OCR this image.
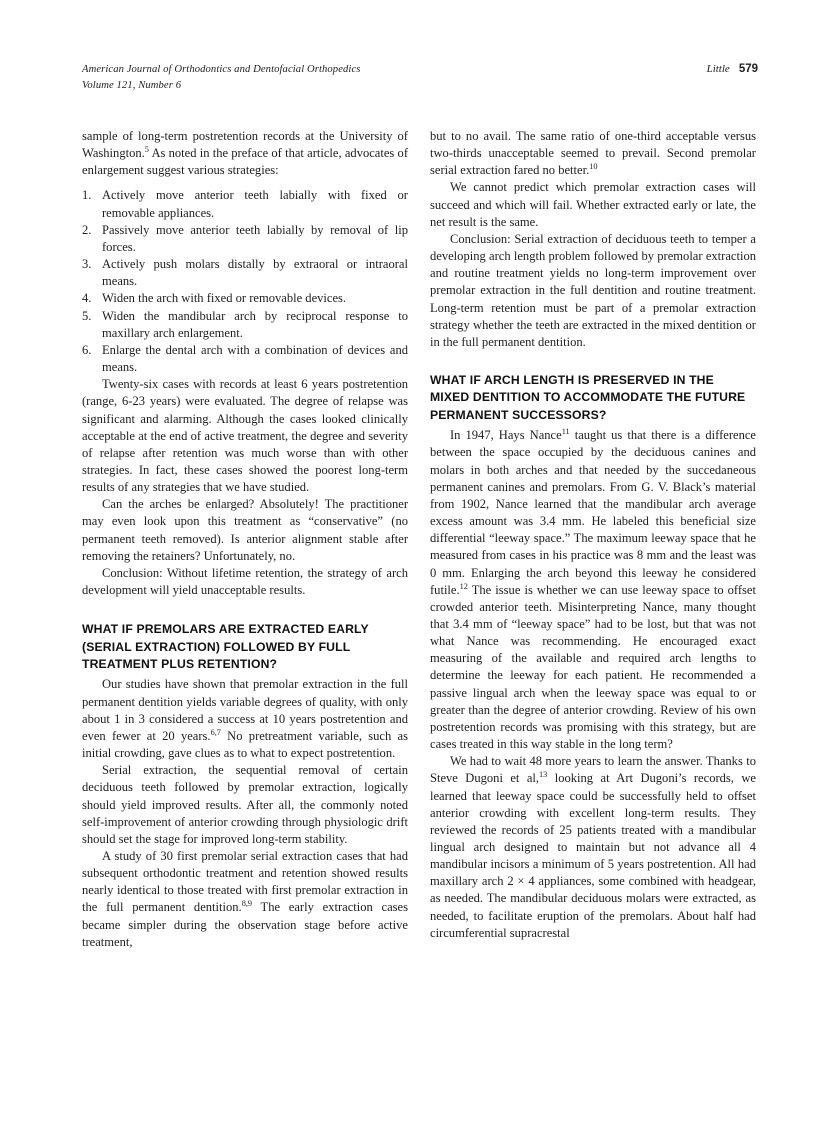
American Journal of Orthodontics and Dentofacial Orthopedics
Volume 121, Number 6
Little 579

sample of long-term postretention records at the University of Washington.$^5$ As noted in the preface of that article, advocates of enlargement suggest various strategies:

Actively move anterior teeth labially with fixed or removable appliances.
Passively move anterior teeth labially by removal of lip forces.
Actively push molars distally by extraoral or intraoral means.
Widen the arch with fixed or removable devices.
Widen the mandibular arch by reciprocal response to maxillary arch enlargement.
Enlarge the dental arch with a combination of devices and means.

Twenty-six cases with records at least 6 years postretention (range, 6-23 years) were evaluated. The degree of relapse was significant and alarming. Although the cases looked clinically acceptable at the end of active treatment, the degree and severity of relapse after retention was much worse than with other strategies. In fact, these cases showed the poorest long-term results of any strategies that we have studied.

Can the arches be enlarged? Absolutely! The practitioner may even look upon this treatment as “conservative” (no permanent teeth removed). Is anterior alignment stable after removing the retainers? Unfortunately, no.

Conclusion: Without lifetime retention, the strategy of arch development will yield unacceptable results.

WHAT IF PREMOLARS ARE EXTRACTED EARLY (SERIAL EXTRACTION) FOLLOWED BY FULL TREATMENT PLUS RETENTION?

Our studies have shown that premolar extraction in the full permanent dentition yields variable degrees of quality, with only about 1 in 3 considered a success at 10 years postretention and even fewer at 20 years.$^{6,7}$ No pretreatment variable, such as initial crowding, gave clues as to what to expect postretention.

Serial extraction, the sequential removal of certain deciduous teeth followed by premolar extraction, logically should yield improved results. After all, the commonly noted self-improvement of anterior crowding through physiologic drift should set the stage for improved long-term stability.

A study of 30 first premolar serial extraction cases that had subsequent orthodontic treatment and retention showed results nearly identical to those treated with first premolar extraction in the full permanent dentition.$^{8,9}$ The early extraction cases became simpler during the observation stage before active treatment,

but to no avail. The same ratio of one-third acceptable versus two-thirds unacceptable seemed to prevail. Second premolar serial extraction fared no better.$^{10}$

We cannot predict which premolar extraction cases will succeed and which will fail. Whether extracted early or late, the net result is the same.

Conclusion: Serial extraction of deciduous teeth to temper a developing arch length problem followed by premolar extraction and routine treatment yields no long-term improvement over premolar extraction in the full dentition and routine treatment. Long-term retention must be part of a premolar extraction strategy whether the teeth are extracted in the mixed dentition or in the full permanent dentition.

WHAT IF ARCH LENGTH IS PRESERVED IN THE MIXED DENTITION TO ACCOMMODATE THE FUTURE PERMANENT SUCCESSORS?

In 1947, Hays Nance$^{11}$ taught us that there is a difference between the space occupied by the deciduous canines and molars in both arches and that needed by the succedaneous permanent canines and premolars. From G. V. Black’s material from 1902, Nance learned that the mandibular arch average excess amount was 3.4 mm. He labeled this beneficial size differential “leeway space.” The maximum leeway space that he measured from cases in his practice was 8 mm and the least was 0 mm. Enlarging the arch beyond this leeway he considered futile.$^{12}$ The issue is whether we can use leeway space to offset crowded anterior teeth. Misinterpreting Nance, many thought that 3.4 mm of “leeway space” had to be lost, but that was not what Nance was recommending. He encouraged exact measuring of the available and required arch lengths to determine the leeway for each patient. He recommended a passive lingual arch when the leeway space was equal to or greater than the degree of anterior crowding. Review of his own postretention records was promising with this strategy, but are cases treated in this way stable in the long term?

We had to wait 48 more years to learn the answer. Thanks to Steve Dugoni et al,$^{13}$ looking at Art Dugoni’s records, we learned that leeway space could be successfully held to offset anterior crowding with excellent long-term results. They reviewed the records of 25 patients treated with a mandibular lingual arch designed to maintain but not advance all 4 mandibular incisors a minimum of 5 years postretention. All had maxillary arch 2 × 4 appliances, some combined with headgear, as needed. The mandibular deciduous molars were extracted, as needed, to facilitate eruption of the premolars. About half had circumferential supracrestal
